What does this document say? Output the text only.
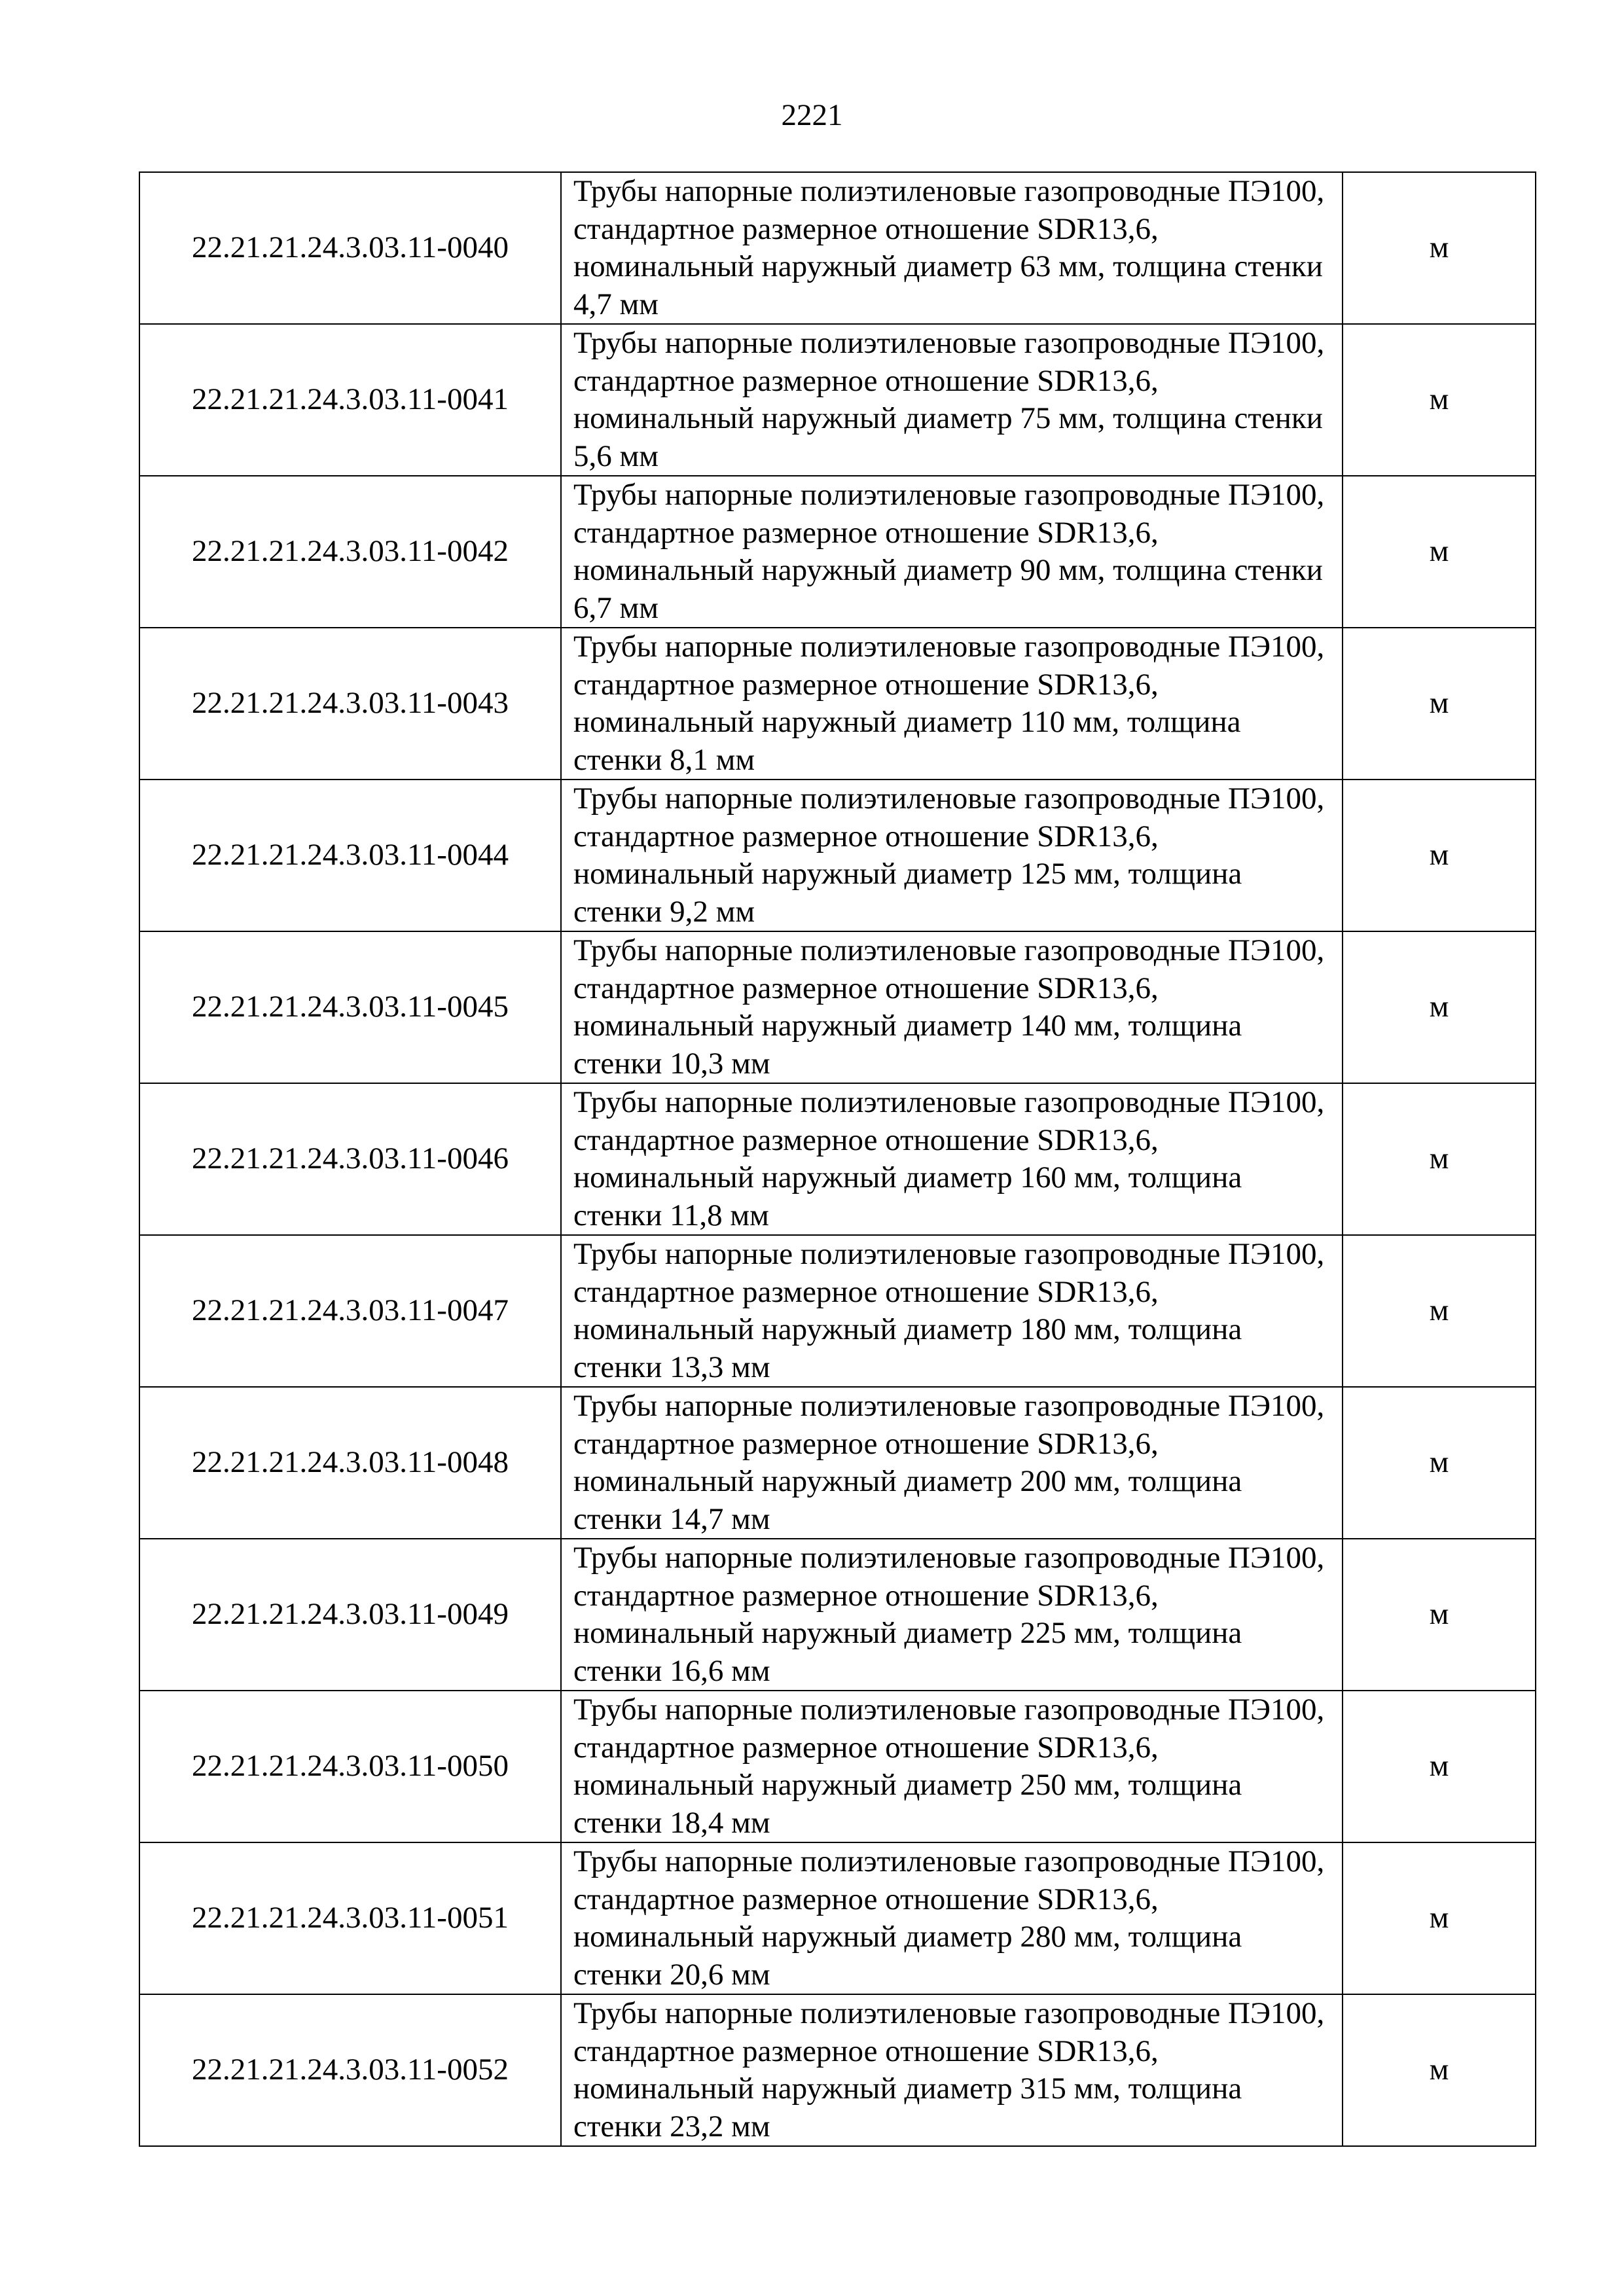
2221
22.21.21.24.3.03.11-0040	Трубы напорные полиэтиленовые газопроводные ПЭ100, стандартное размерное отношение SDR13,6, номинальный наружный диаметр 63 мм, толщина стенки 4,7 мм	м
22.21.21.24.3.03.11-0041	Трубы напорные полиэтиленовые газопроводные ПЭ100, стандартное размерное отношение SDR13,6, номинальный наружный диаметр 75 мм, толщина стенки 5,6 мм	м
22.21.21.24.3.03.11-0042	Трубы напорные полиэтиленовые газопроводные ПЭ100, стандартное размерное отношение SDR13,6, номинальный наружный диаметр 90 мм, толщина стенки 6,7 мм	м
22.21.21.24.3.03.11-0043	Трубы напорные полиэтиленовые газопроводные ПЭ100, стандартное размерное отношение SDR13,6, номинальный наружный диаметр 110 мм, толщина стенки 8,1 мм	м
22.21.21.24.3.03.11-0044	Трубы напорные полиэтиленовые газопроводные ПЭ100, стандартное размерное отношение SDR13,6, номинальный наружный диаметр 125 мм, толщина стенки 9,2 мм	м
22.21.21.24.3.03.11-0045	Трубы напорные полиэтиленовые газопроводные ПЭ100, стандартное размерное отношение SDR13,6, номинальный наружный диаметр 140 мм, толщина стенки 10,3 мм	м
22.21.21.24.3.03.11-0046	Трубы напорные полиэтиленовые газопроводные ПЭ100, стандартное размерное отношение SDR13,6, номинальный наружный диаметр 160 мм, толщина стенки 11,8 мм	м
22.21.21.24.3.03.11-0047	Трубы напорные полиэтиленовые газопроводные ПЭ100, стандартное размерное отношение SDR13,6, номинальный наружный диаметр 180 мм, толщина стенки 13,3 мм	м
22.21.21.24.3.03.11-0048	Трубы напорные полиэтиленовые газопроводные ПЭ100, стандартное размерное отношение SDR13,6, номинальный наружный диаметр 200 мм, толщина стенки 14,7 мм	м
22.21.21.24.3.03.11-0049	Трубы напорные полиэтиленовые газопроводные ПЭ100, стандартное размерное отношение SDR13,6, номинальный наружный диаметр 225 мм, толщина стенки 16,6 мм	м
22.21.21.24.3.03.11-0050	Трубы напорные полиэтиленовые газопроводные ПЭ100, стандартное размерное отношение SDR13,6, номинальный наружный диаметр 250 мм, толщина стенки 18,4 мм	м
22.21.21.24.3.03.11-0051	Трубы напорные полиэтиленовые газопроводные ПЭ100, стандартное размерное отношение SDR13,6, номинальный наружный диаметр 280 мм, толщина стенки 20,6 мм	м
22.21.21.24.3.03.11-0052	Трубы напорные полиэтиленовые газопроводные ПЭ100, стандартное размерное отношение SDR13,6, номинальный наружный диаметр 315 мм, толщина стенки 23,2 мм	м
